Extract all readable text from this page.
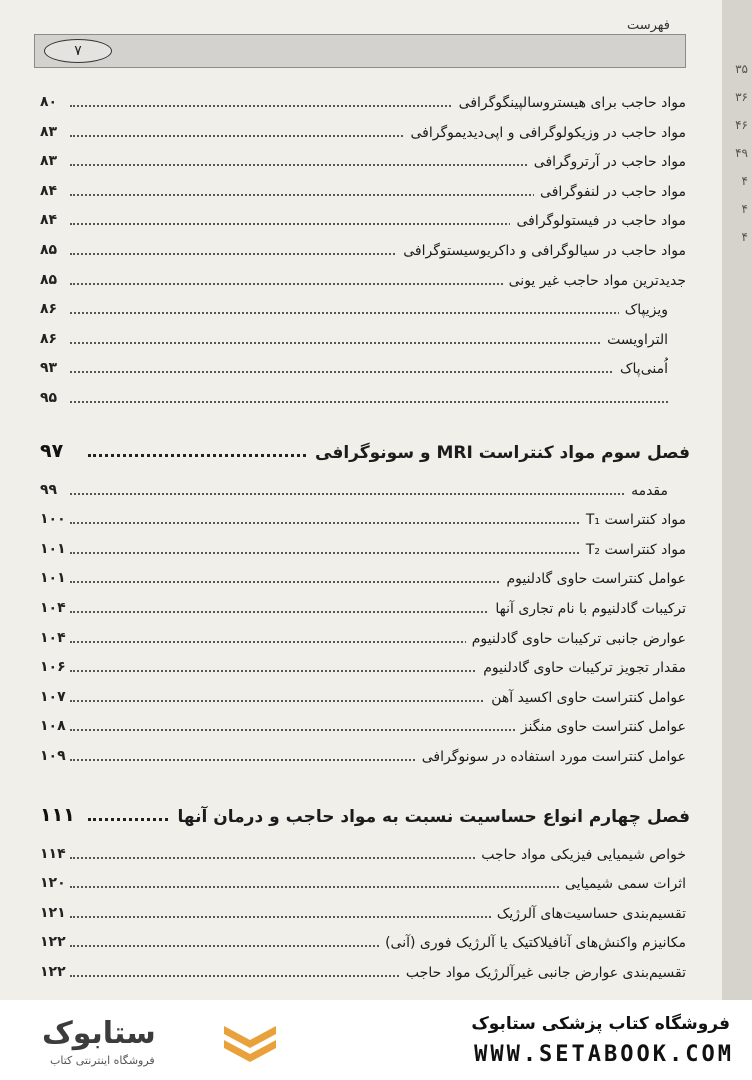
فهرست
۷
۸۰	مواد حاجب برای هیستروسالپینگوگرافی
۸۳	مواد حاجب در وزیکولوگرافی و اپی‌دیدیموگرافی
۸۳	مواد حاجب در آرتروگرافی
۸۴	مواد حاجب در لنفوگرافی
۸۴	مواد حاجب در فیستولوگرافی
۸۵	مواد حاجب در سیالوگرافی و داکریوسیستوگرافی
۸۵	جدیدترین مواد حاجب غیر یونی
۸۶	ویزیپاک
۸۶	التراویست
۹۳	اُمنی‌پاک
۹۵
۹۷	فصل سوم مواد کنتراست MRI و سونوگرافی
۹۹	مقدمه
۱۰۰	مواد کنتراست T₁
۱۰۱	مواد کنتراست T₂
۱۰۱	عوامل کنتراست حاوی گادلنیوم
۱۰۴	ترکیبات گادلنیوم با نام تجاری آنها
۱۰۴	عوارض جانبی ترکیبات حاوی گادلنیوم
۱۰۶	مقدار تجویز ترکیبات حاوی گادلنیوم
۱۰۷	عوامل کنتراست حاوی اکسید آهن
۱۰۸	عوامل کنتراست حاوی منگنز
۱۰۹	عوامل کنتراست مورد استفاده در سونوگرافی
۱۱۱	فصل چهارم انواع حساسیت نسبت به مواد حاجب و درمان آنها
۱۱۴	خواص شیمیایی فیزیکی مواد حاجب
۱۲۰	اثرات سمی شیمیایی
۱۲۱	تقسیم‌بندی حساسیت‌های آلرژیک
۱۲۲	مکانیزم واکنش‌های آنافیلاکتیک یا آلرژیک فوری (آنی)
۱۲۲	تقسیم‌بندی عوارض جانبی غیرآلرژیک مواد حاجب
۳۵
۳۶
۴۶
۴۹
۴
۴
۴
ستابوک
فروشگاه اینترنتی کتاب
فروشگاه کتاب پزشکی ستابوک
WWW.SETABOOK.COM
